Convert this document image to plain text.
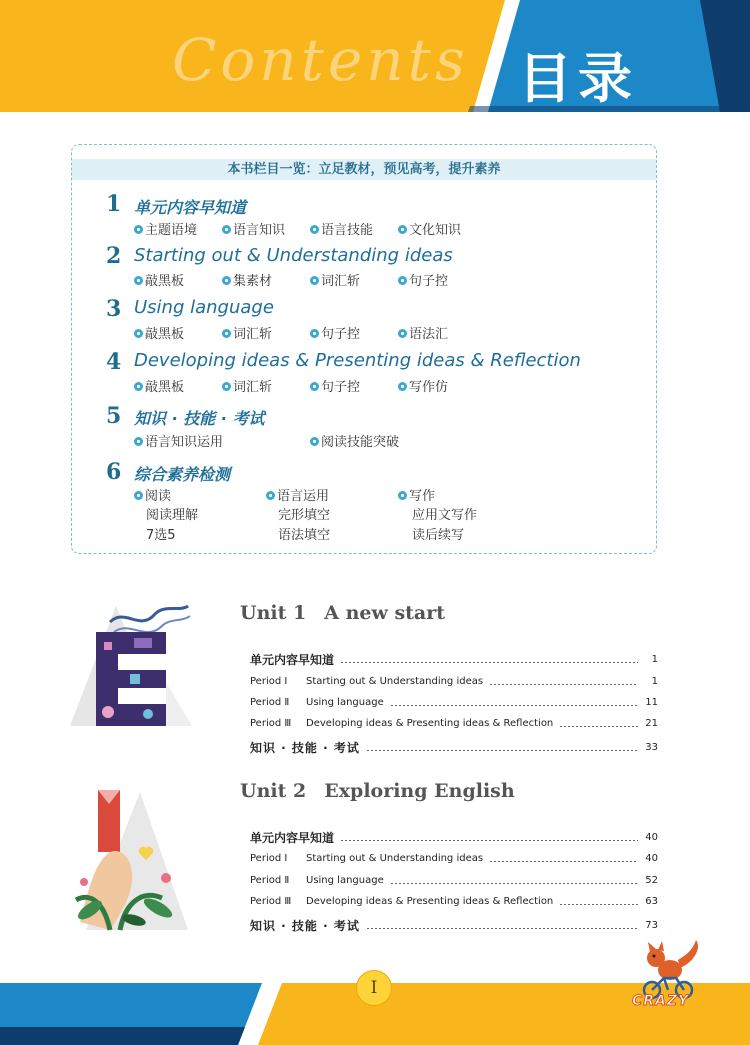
Contents 目录
本书栏目一览：立足教材，预见高考，提升素养
1 单元内容早知道
主题语境	语言知识	语言技能	文化知识
2 Starting out & Understanding ideas
敲黑板	集素材	词汇斩	句子控
3 Using language
敲黑板	词汇斩	句子控	语法汇
4 Developing ideas & Presenting ideas & Reflection
敲黑板	词汇斩	句子控	写作仿
5 知识 · 技能 · 考试
语言知识运用	阅读技能突破
6 综合素养检测
阅读	语言运用	写作
阅读理解	完形填空	应用文写作
7选5	语法填空	读后续写
Unit 1 A new start
单元内容早知道	1
Period Ⅰ	Starting out & Understanding ideas	1
Period Ⅱ	Using language	11
Period Ⅲ	Developing ideas & Presenting ideas & Reflection	21
知识 · 技能 · 考试	33
Unit 2 Exploring English
单元内容早知道	40
Period Ⅰ	Starting out & Understanding ideas	40
Period Ⅱ	Using language	52
Period Ⅲ	Developing ideas & Presenting ideas & Reflection	63
知识 · 技能 · 考试	73
I
CRAZY
